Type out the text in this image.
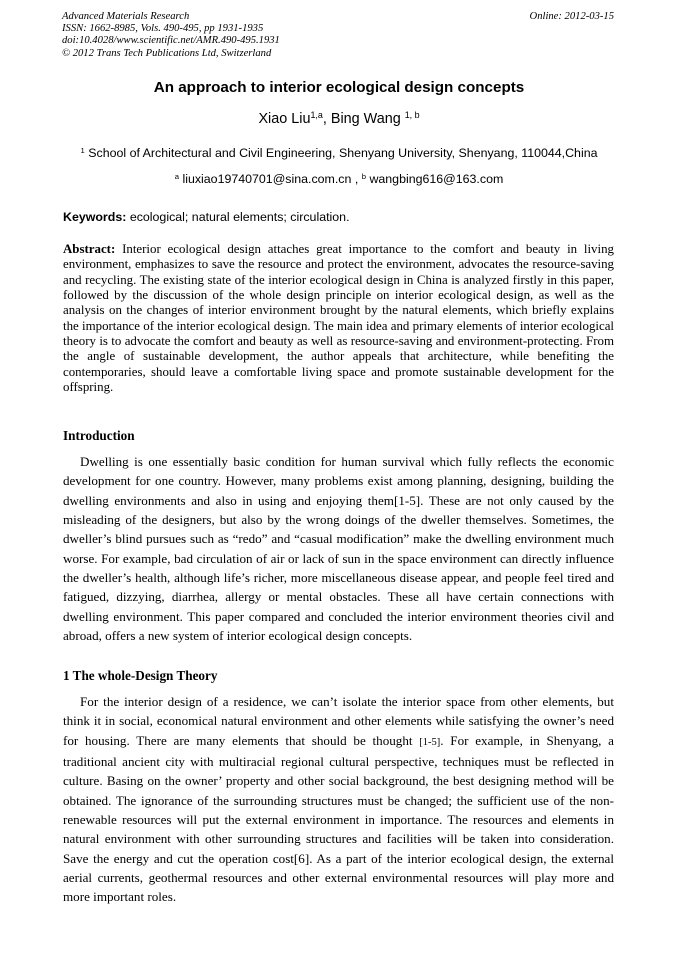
Advanced Materials Research
ISSN: 1662-8985, Vols. 490-495, pp 1931-1935
doi:10.4028/www.scientific.net/AMR.490-495.1931
© 2012 Trans Tech Publications Ltd, Switzerland
Online: 2012-03-15
An approach to interior ecological design concepts
Xiao Liu$^{1,a}$, Bing Wang $^{1, b}$
$^1$ School of Architectural and Civil Engineering, Shenyang University, Shenyang, 110044,China
$^a$ liuxiao19740701@sina.com.cn , $^b$ wangbing616@163.com
Keywords: ecological; natural elements; circulation.
Abstract: Interior ecological design attaches great importance to the comfort and beauty in living environment, emphasizes to save the resource and protect the environment, advocates the resource-saving and recycling. The existing state of the interior ecological design in China is analyzed firstly in this paper, followed by the discussion of the whole design principle on interior ecological design, as well as the analysis on the changes of interior environment brought by the natural elements, which briefly explains the importance of the interior ecological design. The main idea and primary elements of interior ecological theory is to advocate the comfort and beauty as well as resource-saving and environment-protecting. From the angle of sustainable development, the author appeals that architecture, while benefiting the contemporaries, should leave a comfortable living space and promote sustainable development for the offspring.
Introduction
Dwelling is one essentially basic condition for human survival which fully reflects the economic development for one country. However, many problems exist among planning, designing, building the dwelling environments and also in using and enjoying them[1-5]. These are not only caused by the misleading of the designers, but also by the wrong doings of the dweller themselves. Sometimes, the dweller’s blind pursues such as “redo” and “casual modification” make the dwelling environment much worse. For example, bad circulation of air or lack of sun in the space environment can directly influence the dweller’s health, although life’s richer, more miscellaneous disease appear, and people feel tired and fatigued, dizzying, diarrhea, allergy or mental obstacles. These all have certain connections with dwelling environment. This paper compared and concluded the interior environment theories civil and abroad, offers a new system of interior ecological design concepts.
1 The whole-Design Theory
For the interior design of a residence, we can’t isolate the interior space from other elements, but think it in social, economical natural environment and other elements while satisfying the owner’s need for housing. There are many elements that should be thought [1-5]. For example, in Shenyang, a traditional ancient city with multiracial regional cultural perspective, techniques must be reflected in culture. Basing on the owner’ property and other social background, the best designing method will be obtained. The ignorance of the surrounding structures must be changed; the sufficient use of the non-renewable resources will put the external environment in importance. The resources and elements in natural environment with other surrounding structures and facilities will be taken into consideration. Save the energy and cut the operation cost[6]. As a part of the interior ecological design, the external aerial currents, geothermal resources and other external environmental resources will play more and more important roles.
